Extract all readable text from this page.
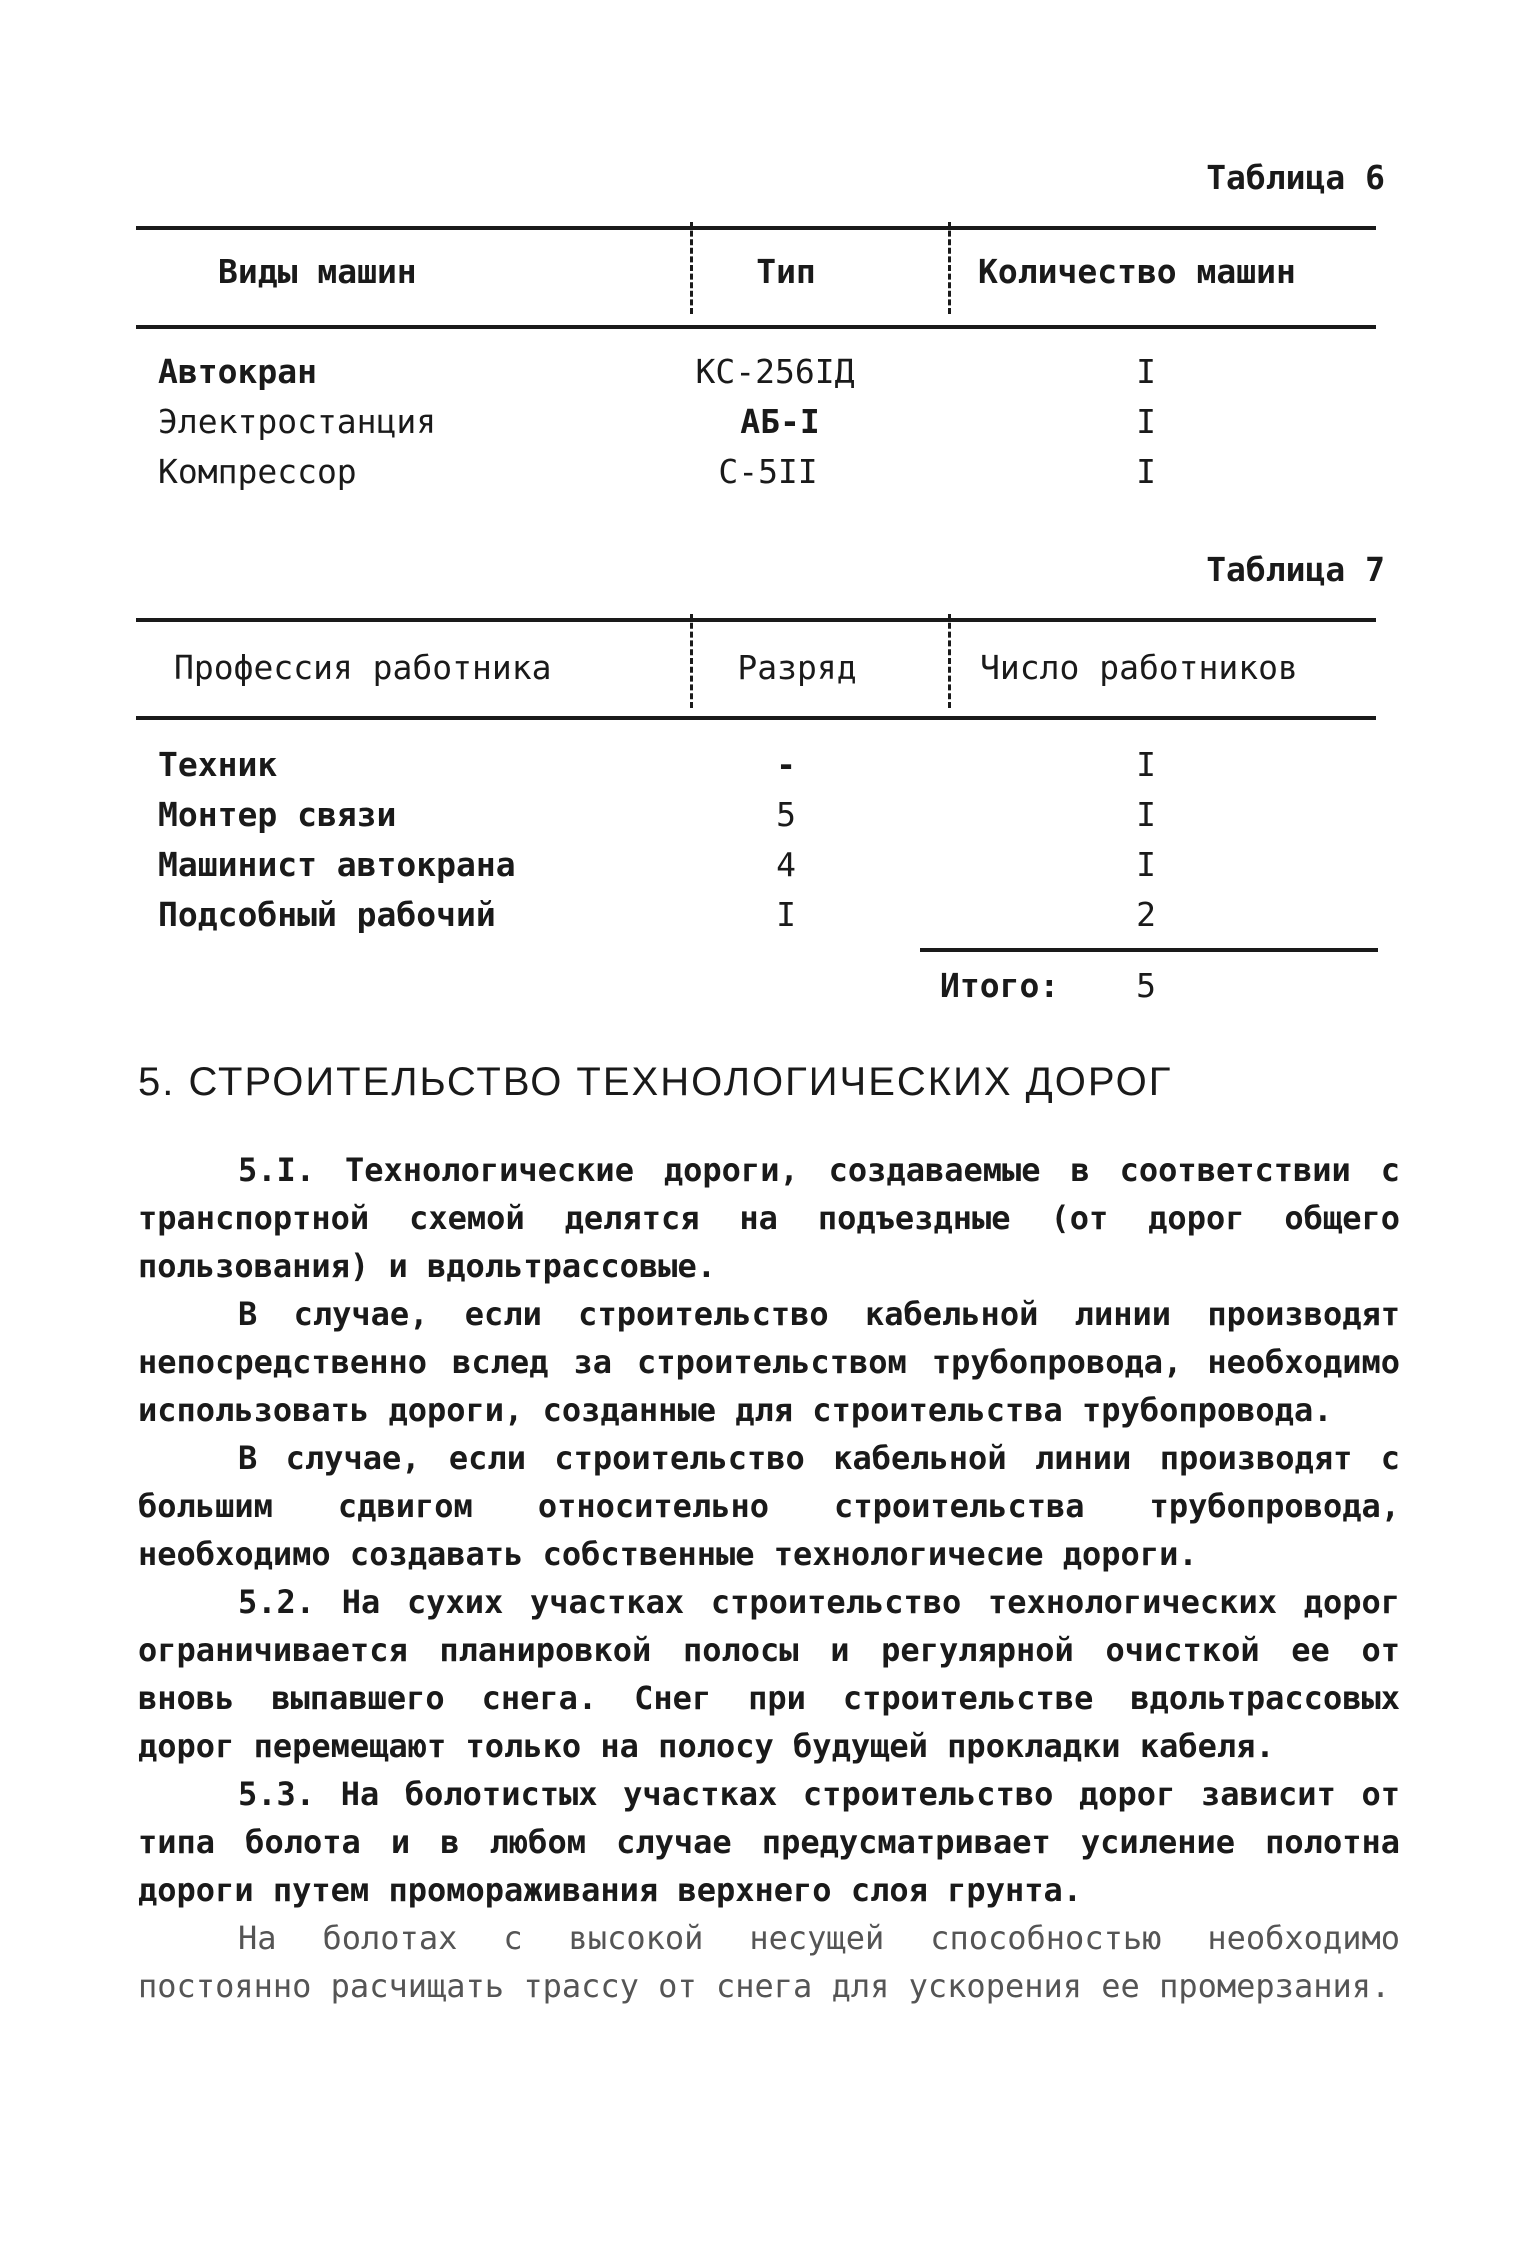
Таблица 6
Виды машин	Тип	Количество машин
Автокран	КС-256IД	I
Электростанция	АБ-I	I
Компрессор	С-5II	I
Таблица 7
Профессия работника	Разряд	Число работников
Техник	-	I
Монтер связи	5	I
Машинист автокрана	4	I
Подсобный рабочий	I	2
Итого: 5
5. СТРОИТЕЛЬСТВО ТЕХНОЛОГИЧЕСКИХ ДОРОГ

5.I. Технологические дороги, создаваемые в соответствии с транспортной схемой делятся на подъездные (от дорог общего пользования) и вдольтрассовые.

В случае, если строительство кабельной линии производят непосредственно вслед за строительством трубопровода, необходимо использовать дороги, созданные для строительства трубопровода.

В случае, если строительство кабельной линии производят с большим сдвигом относительно строительства трубопровода, необходимо создавать собственные технологичесие дороги.

5.2. На сухих участках строительство технологических дорог ограничивается планировкой полосы и регулярной очисткой ее от вновь выпавшего снега. Снег при строительстве вдольтрассовых дорог перемещают только на полосу будущей прокладки кабеля.

5.3. На болотистых участках строительство дорог зависит от типа болота и в любом случае предусматривает усиление полотна дороги путем промораживания верхнего слоя грунта.

На болотах с высокой несущей способностью необходимо постоянно расчищать трассу от снега для ускорения ее промерзания.
